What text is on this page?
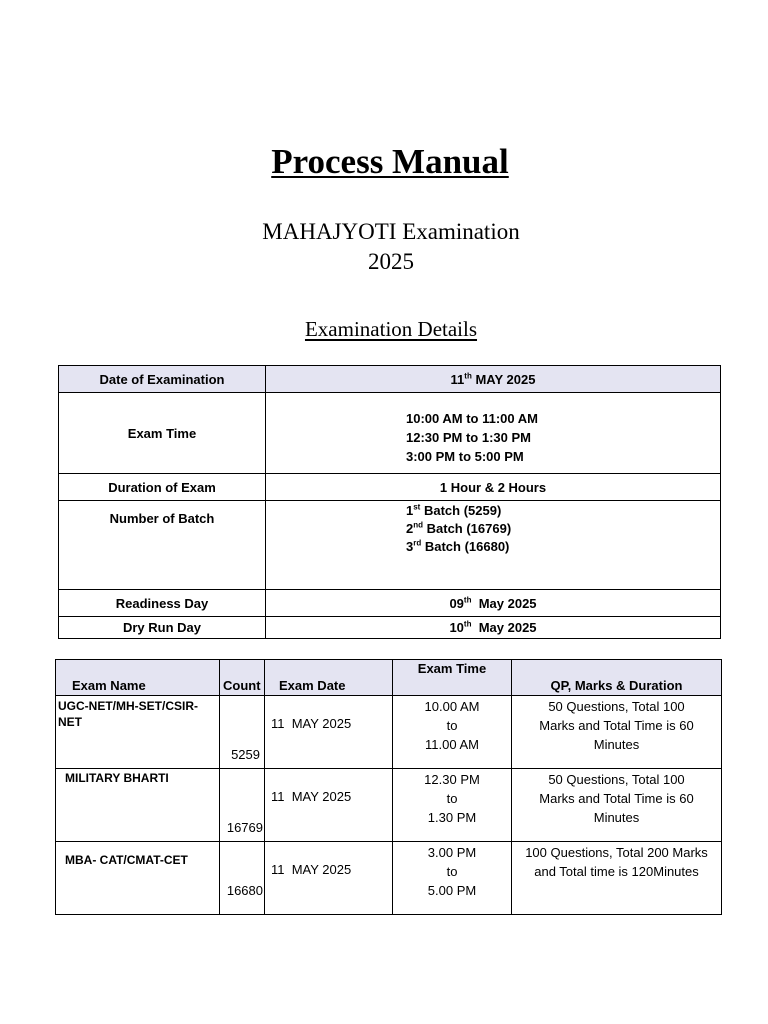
Process Manual
MAHAJYOTI Examination
2025
Examination Details
Date of Examination	11th MAY 2025
Exam Time	10:00 AM to 11:00 AM
12:30 PM to 1:30 PM
3:00 PM to 5:00 PM

Duration of Exam	1 Hour & 2 Hours
Number of Batch	1st Batch (5259)
2nd Batch (16769)
3rd Batch (16680)

Readiness Day	09th  May 2025
Dry Run Day	10th  May 2025
Exam Name	Count	Exam Date	Exam Time	QP, Marks & Duration

UGC-NET/MH-SET/CSIR-NET	5259	11  MAY 2025	10.00 AM
to
11.00 AM	50 Questions, Total 100
Marks and Total Time is 60
Minutes

MILITARY BHARTI	16769	11  MAY 2025	12.30 PM
to
1.30 PM	50 Questions, Total 100
Marks and Total Time is 60
Minutes

MBA- CAT/CMAT-CET	16680	11  MAY 2025	3.00 PM
to
5.00 PM	100 Questions, Total 200 Marks
and Total time is 120Minutes
